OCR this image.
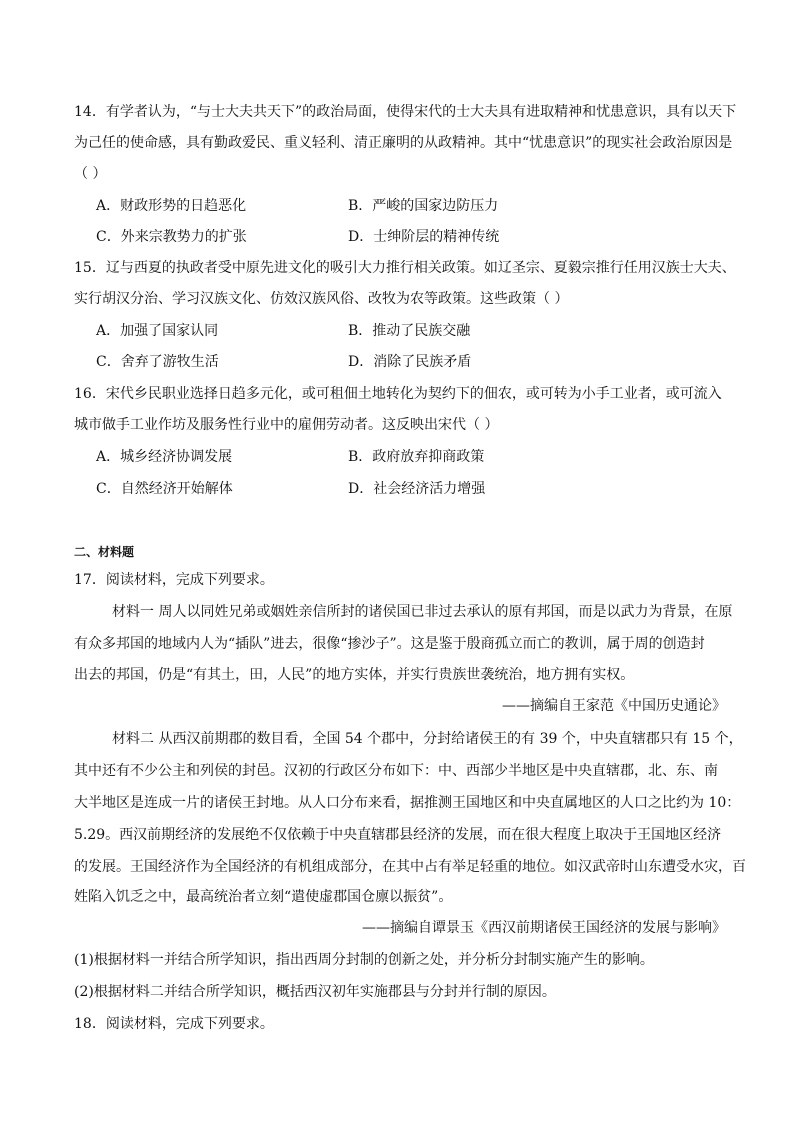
14．有学者认为，“与士大夫共天下”的政治局面，使得宋代的士大夫具有进取精神和忧患意识，具有以天下
为己任的使命感，具有勤政爱民、重义轻利、清正廉明的从政精神。其中“忧患意识”的现实社会政治原因是
（ ）
A．财政形势的日趋恶化	B．严峻的国家边防压力
C．外来宗教势力的扩张	D．士绅阶层的精神传统
15．辽与西夏的执政者受中原先进文化的吸引大力推行相关政策。如辽圣宗、夏毅宗推行任用汉族士大夫、
实行胡汉分治、学习汉族文化、仿效汉族风俗、改牧为农等政策。这些政策（ ）
A．加强了国家认同	B．推动了民族交融
C．舍弃了游牧生活	D．消除了民族矛盾
16．宋代乡民职业选择日趋多元化，或可租佃土地转化为契约下的佃农，或可转为小手工业者，或可流入
城市做手工业作坊及服务性行业中的雇佣劳动者。这反映出宋代（ ）
A．城乡经济协调发展	B．政府放弃抑商政策
C．自然经济开始解体	D．社会经济活力增强
二、材料题
17．阅读材料，完成下列要求。
材料一 周人以同姓兄弟或姻姓亲信所封的诸侯国已非过去承认的原有邦国，而是以武力为背景，在原
有众多邦国的地域内人为“插队”进去，很像“掺沙子”。这是鉴于殷商孤立而亡的教训，属于周的创造封
出去的邦国，仍是“有其土，田，人民”的地方实体，并实行贵族世袭统治，地方拥有实权。
——摘编自王家范《中国历史通论》
材料二 从西汉前期郡的数目看，全国 54 个郡中，分封给诸侯王的有 39 个，中央直辖郡只有 15 个，
其中还有不少公主和列侯的封邑。汉初的行政区分布如下：中、西部少半地区是中央直辖郡，北、东、南
大半地区是连成一片的诸侯王封地。从人口分布来看，据推测王国地区和中央直属地区的人口之比约为 10：
5.29。西汉前期经济的发展绝不仅依赖于中央直辖郡县经济的发展，而在很大程度上取决于王国地区经济
的发展。王国经济作为全国经济的有机组成部分，在其中占有举足轻重的地位。如汉武帝时山东遭受水灾，百
姓陷入饥乏之中，最高统治者立刻“遣使虚郡国仓廪以振贫”。
——摘编自谭景玉《西汉前期诸侯王国经济的发展与影响》
(1)根据材料一并结合所学知识，指出西周分封制的创新之处，并分析分封制实施产生的影响。
(2)根据材料二并结合所学知识，概括西汉初年实施郡县与分封并行制的原因。
18．阅读材料，完成下列要求。
